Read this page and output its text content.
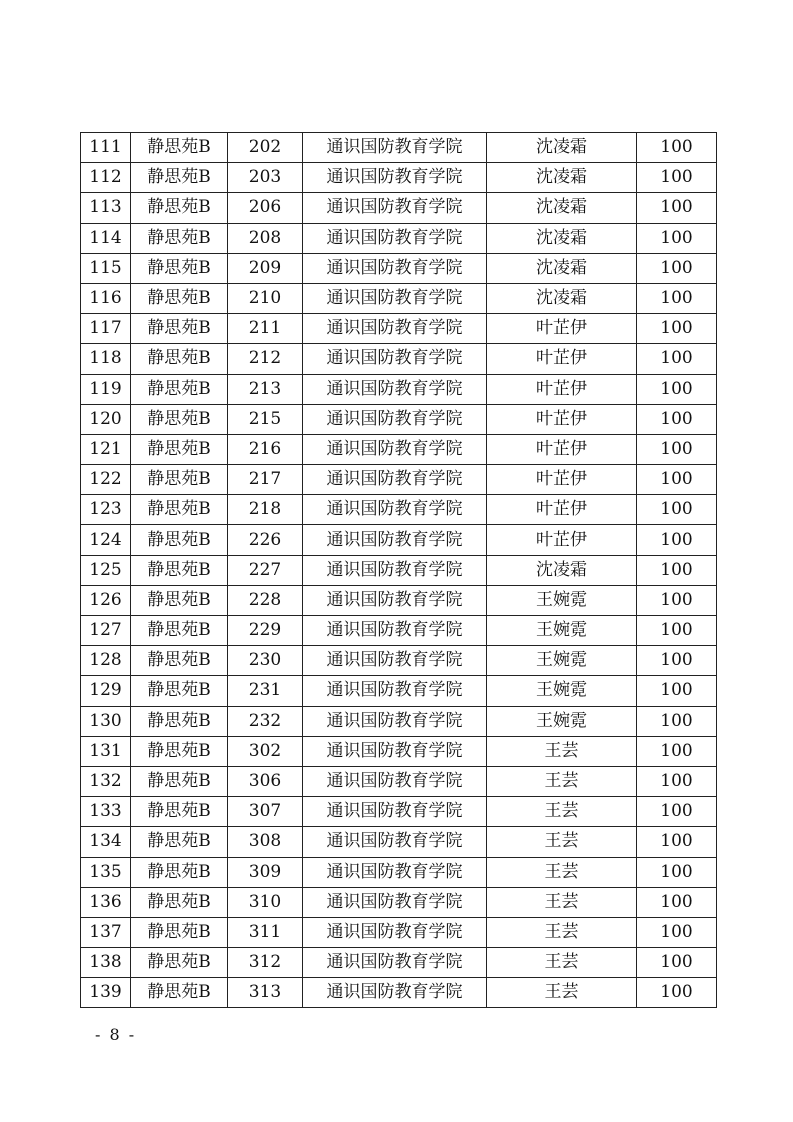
111	静思苑B	202	通识国防教育学院	沈凌霜	100
112	静思苑B	203	通识国防教育学院	沈凌霜	100
113	静思苑B	206	通识国防教育学院	沈凌霜	100
114	静思苑B	208	通识国防教育学院	沈凌霜	100
115	静思苑B	209	通识国防教育学院	沈凌霜	100
116	静思苑B	210	通识国防教育学院	沈凌霜	100
117	静思苑B	211	通识国防教育学院	叶芷伊	100
118	静思苑B	212	通识国防教育学院	叶芷伊	100
119	静思苑B	213	通识国防教育学院	叶芷伊	100
120	静思苑B	215	通识国防教育学院	叶芷伊	100
121	静思苑B	216	通识国防教育学院	叶芷伊	100
122	静思苑B	217	通识国防教育学院	叶芷伊	100
123	静思苑B	218	通识国防教育学院	叶芷伊	100
124	静思苑B	226	通识国防教育学院	叶芷伊	100
125	静思苑B	227	通识国防教育学院	沈凌霜	100
126	静思苑B	228	通识国防教育学院	王婉霓	100
127	静思苑B	229	通识国防教育学院	王婉霓	100
128	静思苑B	230	通识国防教育学院	王婉霓	100
129	静思苑B	231	通识国防教育学院	王婉霓	100
130	静思苑B	232	通识国防教育学院	王婉霓	100
131	静思苑B	302	通识国防教育学院	王芸	100
132	静思苑B	306	通识国防教育学院	王芸	100
133	静思苑B	307	通识国防教育学院	王芸	100
134	静思苑B	308	通识国防教育学院	王芸	100
135	静思苑B	309	通识国防教育学院	王芸	100
136	静思苑B	310	通识国防教育学院	王芸	100
137	静思苑B	311	通识国防教育学院	王芸	100
138	静思苑B	312	通识国防教育学院	王芸	100
139	静思苑B	313	通识国防教育学院	王芸	100
- 8 -
